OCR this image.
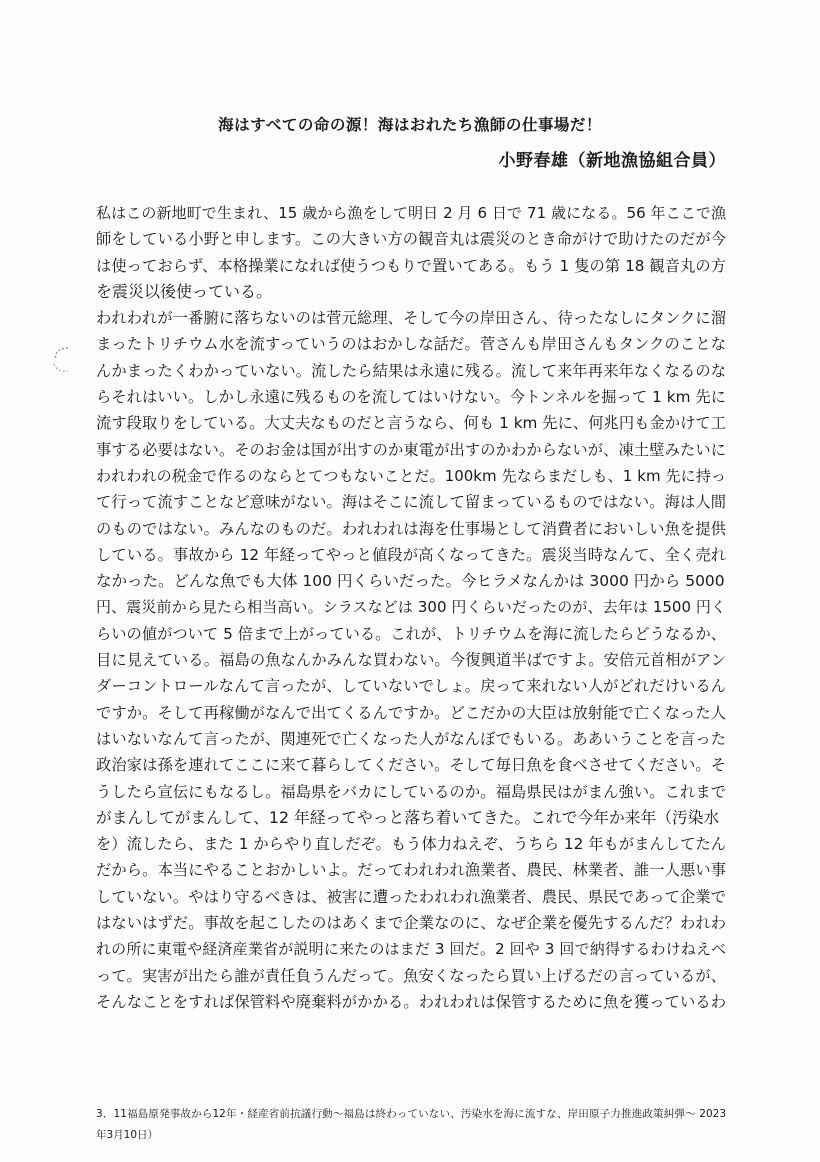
海はすべての命の源！海はおれたち漁師の仕事場だ！

小野春雄（新地漁協組合員）

私はこの新地町で生まれ、15 歳から漁をして明日 2 月 6 日で 71 歳になる。56 年ここで漁
師をしている小野と申します。この大きい方の観音丸は震災のとき命がけで助けたのだが今
は使っておらず、本格操業になれば使うつもりで置いてある。もう 1 隻の第 18 観音丸の方
を震災以後使っている。
われわれが一番腑に落ちないのは菅元総理、そして今の岸田さん、待ったなしにタンクに溜
まったトリチウム水を流すっていうのはおかしな話だ。菅さんも岸田さんもタンクのことな
んかまったくわかっていない。流したら結果は永遠に残る。流して来年再来年なくなるのな
らそれはいい。しかし永遠に残るものを流してはいけない。今トンネルを掘って 1 km 先に
流す段取りをしている。大丈夫なものだと言うなら、何も 1 km 先に、何兆円も金かけて工
事する必要はない。そのお金は国が出すのか東電が出すのかわからないが、凍土壁みたいに
われわれの税金で作るのならとてつもないことだ。100km 先ならまだしも、1 km 先に持っ
て行って流すことなど意味がない。海はそこに流して留まっているものではない。海は人間
のものではない。みんなのものだ。われわれは海を仕事場として消費者においしい魚を提供
している。事故から 12 年経ってやっと値段が高くなってきた。震災当時なんて、全く売れ
なかった。どんな魚でも大体 100 円くらいだった。今ヒラメなんかは 3000 円から 5000
円、震災前から見たら相当高い。シラスなどは 300 円くらいだったのが、去年は 1500 円く
らいの値がついて 5 倍まで上がっている。これが、トリチウムを海に流したらどうなるか、
目に見えている。福島の魚なんかみんな買わない。今復興道半ばですよ。安倍元首相がアン
ダーコントロールなんて言ったが、していないでしょ。戻って来れない人がどれだけいるん
ですか。そして再稼働がなんで出てくるんですか。どこだかの大臣は放射能で亡くなった人
はいないなんて言ったが、関連死で亡くなった人がなんぼでもいる。ああいうことを言った
政治家は孫を連れてここに来て暮らしてください。そして毎日魚を食べさせてください。そ
うしたら宣伝にもなるし。福島県をバカにしているのか。福島県民はがまん強い。これまで
がまんしてがまんして、12 年経ってやっと落ち着いてきた。これで今年か来年（汚染水
を）流したら、また 1 からやり直しだぞ。もう体力ねえぞ、うちら 12 年もがまんしてたん
だから。本当にやることおかしいよ。だってわれわれ漁業者、農民、林業者、誰一人悪い事
していない。やはり守るべきは、被害に遭ったわれわれ漁業者、農民、県民であって企業で
はないはずだ。事故を起こしたのはあくまで企業なのに、なぜ企業を優先するんだ？われわ
れの所に東電や経済産業省が説明に来たのはまだ 3 回だ。2 回や 3 回で納得するわけねえべ
って。実害が出たら誰が責任負うんだって。魚安くなったら買い上げるだの言っているが、
そんなことをすれば保管料や廃棄料がかかる。われわれは保管するために魚を獲っているわ
3．11福島原発事故から12年・経産省前抗議行動〜福島は終わっていない、汚染水を海に流すな、岸田原子力推進政策糾弾〜 2023
年3月10日）
